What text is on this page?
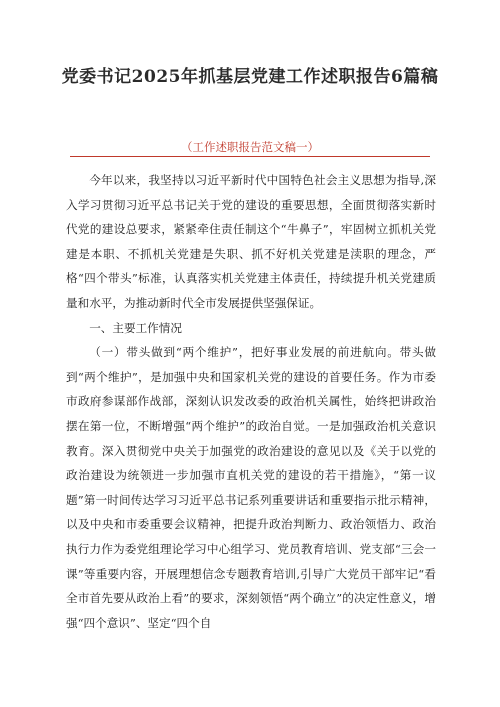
党委书记2025年抓基层党建工作述职报告6篇稿

（工作述职报告范文稿一）

今年以来，我坚持以习近平新时代中国特色社会主义思想为指导,深入学习贯彻习近平总书记关于党的建设的重要思想，全面贯彻落实新时代党的建设总要求，紧紧牵住责任制这个“牛鼻子”，牢固树立抓机关党建是本职、不抓机关党建是失职、抓不好机关党建是渎职的理念，严格“四个带头”标准，认真落实机关党建主体责任，持续提升机关党建质量和水平，为推动新时代全市发展提供坚强保证。

一、主要工作情况

（一）带头做到“两个维护”，把好事业发展的前进航向。带头做到“两个维护”，是加强中央和国家机关党的建设的首要任务。作为市委市政府参谋部作战部，深刻认识发改委的政治机关属性，始终把讲政治摆在第一位，不断增强“两个维护”的政治自觉。一是加强政治机关意识教育。深入贯彻党中央关于加强党的政治建设的意见以及《关于以党的政治建设为统领进一步加强市直机关党的建设的若干措施》，“第一议题”第一时间传达学习习近平总书记系列重要讲话和重要指示批示精神，以及中央和市委重要会议精神，把提升政治判断力、政治领悟力、政治执行力作为委党组理论学习中心组学习、党员教育培训、党支部“三会一课”等重要内容，开展理想信念专题教育培训,引导广大党员干部牢记“看全市首先要从政治上看”的要求，深刻领悟“两个确立”的决定性意义，增强“四个意识”、坚定“四个自
